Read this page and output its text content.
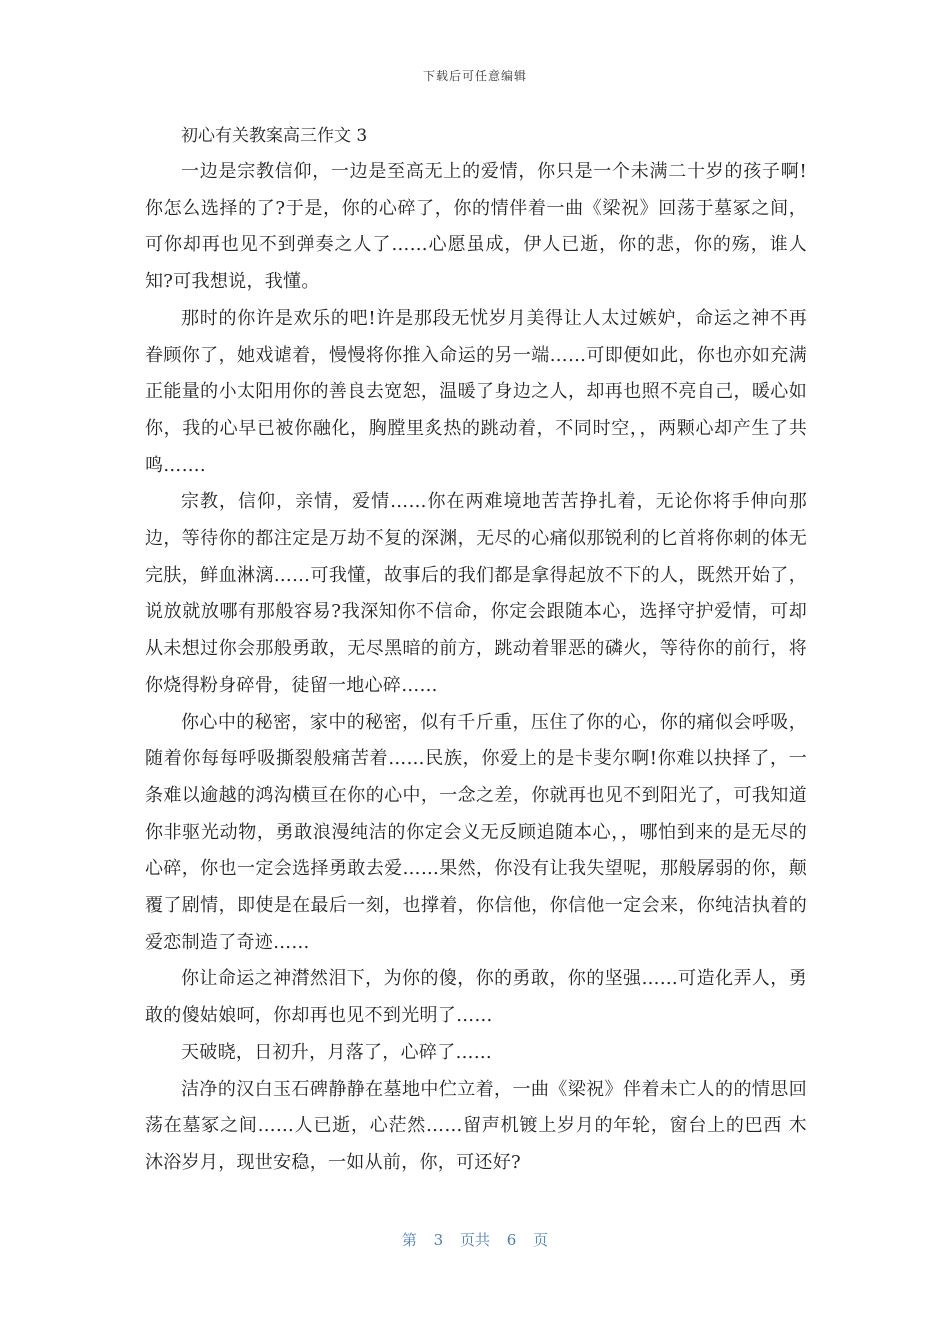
下载后可任意编辑

初心有关教案高三作文 3

一边是宗教信仰，一边是至高无上的爱情，你只是一个未满二十岁的孩子啊!你怎么选择的了?于是，你的心碎了，你的情伴着一曲《梁祝》回荡于墓冢之间，可你却再也见不到弹奏之人了……心愿虽成，伊人已逝，你的悲，你的殇，谁人知?可我想说，我懂。

那时的你许是欢乐的吧!许是那段无忧岁月美得让人太过嫉妒，命运之神不再眷顾你了，她戏谑着，慢慢将你推入命运的另一端……可即便如此，你也亦如充满正能量的小太阳用你的善良去宽恕，温暖了身边之人，却再也照不亮自己，暖心如你，我的心早已被你融化，胸膛里炙热的跳动着，不同时空，，两颗心却产生了共鸣…….

宗教，信仰，亲情，爱情……你在两难境地苦苦挣扎着，无论你将手伸向那边，等待你的都注定是万劫不复的深渊，无尽的心痛似那锐利的匕首将你刺的体无完肤，鲜血淋漓……可我懂，故事后的我们都是拿得起放不下的人，既然开始了，说放就放哪有那般容易?我深知你不信命，你定会跟随本心，选择守护爱情，可却从未想过你会那般勇敢，无尽黑暗的前方，跳动着罪恶的磷火，等待你的前行，将你烧得粉身碎骨，徒留一地心碎……

你心中的秘密，家中的秘密，似有千斤重，压住了你的心，你的痛似会呼吸，随着你每每呼吸撕裂般痛苦着……民族，你爱上的是卡斐尔啊!你难以抉择了，一条难以逾越的鸿沟横亘在你的心中，一念之差，你就再也见不到阳光了，可我知道你非驱光动物，勇敢浪漫纯洁的你定会义无反顾追随本心，，哪怕到来的是无尽的心碎，你也一定会选择勇敢去爱……果然，你没有让我失望呢，那般孱弱的你，颠覆了剧情，即使是在最后一刻，也撑着，你信他，你信他一定会来，你纯洁执着的爱恋制造了奇迹……

你让命运之神潸然泪下，为你的傻，你的勇敢，你的坚强……可造化弄人，勇敢的傻姑娘呵，你却再也见不到光明了……

天破晓，日初升，月落了，心碎了……

洁净的汉白玉石碑静静在墓地中伫立着，一曲《梁祝》伴着未亡人的的情思回荡在墓冢之间……人已逝，心茫然……留声机镀上岁月的年轮，窗台上的巴西 木沐浴岁月，现世安稳，一如从前，你，可还好?

第 3 页共 6 页
